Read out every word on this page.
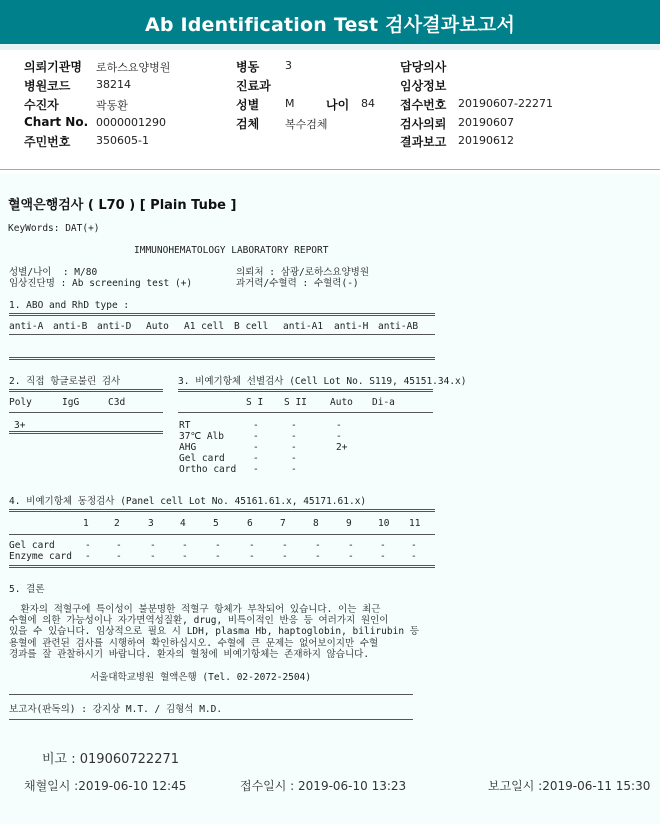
Ab Identification Test 검사결과보고서
의뢰기관명 로하스요양병원
병원코드 38214
수진자	곽동환
Chart No. 0000001290
주민번호 350605-1
병동 3
진료과
성별 M	나이 84
검체 복수검체
담당의사
임상정보
접수번호 20190607-22271
검사의뢰 20190607
결과보고 20190612
혈액은행검사 ( L70 ) [ Plain Tube ]
KeyWords: DAT(+)
IMMUNOHEMATOLOGY LABORATORY REPORT
성별/나이  : M/80
임상진단명 : Ab screening test (+)
의뢰처 : 삼광/로하스요양병원
과거력/수혈력 : 수혈력(-)
1. ABO and RhD type :
anti-A anti-B anti-D Auto A1 cell B cell anti-A1 anti-H anti-AB
2. 직접 항글로불린 검사
Poly	IgG	C3d
3+
3. 비예기항체 선별검사 (Cell Lot No. S119, 45151.34.x)
S I S II Auto Di-a
RT	-	-	-
37℃ Alb	-	-	-
AHG	-	-	2+
Gel card	-	-
Ortho card -	-
4. 비예기항체 동정검사 (Panel cell Lot No. 45161.61.x, 45171.61.x)
1	2	3	4	5	6	7	8	9	10 11
Gel card	-	-	-	-	-	-	-	-	-	-	-
Enzyme card -	-	-	-	-	-	-	-	-	-	-
5. 결론
환자의 적혈구에 특이성이 불분명한 적혈구 항체가 부착되어 있습니다. 이는 최근
수혈에 의한 가능성이나 자가면역성질환, drug, 비특이적인 반응 등 여러가지 원인이
있을 수 있습니다. 임상적으로 필요 시 LDH, plasma Hb, haptoglobin, bilirubin 등
용혈에 관련된 검사를 시행하여 확인하십시오. 수혈에 큰 문제는 없어보이지만 수혈
경과를 잘 관찰하시기 바랍니다. 환자의 혈청에 비예기항체는 존재하지 않습니다.
서울대학교병원 혈액은행 (Tel. 02-2072-2504)
보고자(판독의) : 강지상 M.T. / 김형석 M.D.
비고 : 019060722271
채혈일시 :2019-06-10 12:45	접수일시 : 2019-06-10 13:23	보고일시 :2019-06-11 15:30
